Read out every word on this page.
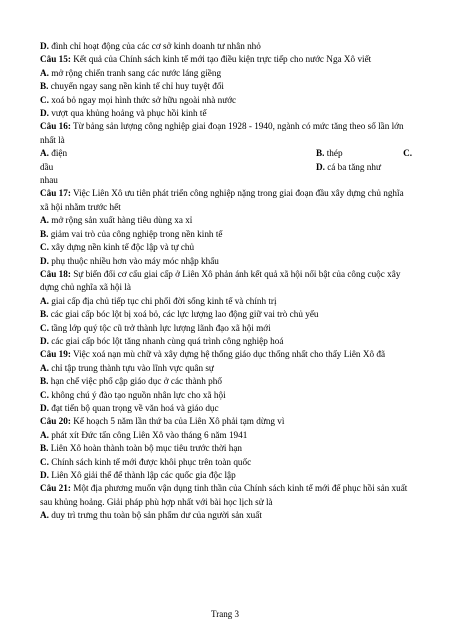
D. đình chỉ hoạt động của các cơ sở kinh doanh tư nhân nhỏ
Câu 15: Kết quả của Chính sách kinh tế mới tạo điều kiện trực tiếp cho nước Nga Xô viết
A. mở rộng chiến tranh sang các nước láng giềng
B. chuyển ngay sang nền kinh tế chỉ huy tuyệt đối
C. xoá bỏ ngay mọi hình thức sở hữu ngoài nhà nước
D. vượt qua khủng hoảng và phục hồi kinh tế
Câu 16: Từ bảng sản lượng công nghiệp giai đoạn 1928 - 1940, ngành có mức tăng theo số lần lớn nhất là
A. điện	B. thép	C.
dầu	D. cá ba tăng như
nhau
Câu 17: Việc Liên Xô ưu tiên phát triển công nghiệp nặng trong giai đoạn đầu xây dựng chủ nghĩa xã hội nhằm trước hết
A. mở rộng sản xuất hàng tiêu dùng xa xỉ
B. giảm vai trò của công nghiệp trong nền kinh tế
C. xây dựng nền kinh tế độc lập và tự chủ
D. phụ thuộc nhiều hơn vào máy móc nhập khẩu
Câu 18: Sự biến đổi cơ cấu giai cấp ở Liên Xô phản ánh kết quả xã hội nổi bật của công cuộc xây dựng chủ nghĩa xã hội là
A. giai cấp địa chủ tiếp tục chi phối đời sống kinh tế và chính trị
B. các giai cấp bóc lột bị xoá bỏ, các lực lượng lao động giữ vai trò chủ yếu
C. tầng lớp quý tộc cũ trở thành lực lượng lãnh đạo xã hội mới
D. các giai cấp bóc lột tăng nhanh cùng quá trình công nghiệp hoá
Câu 19: Việc xoá nạn mù chữ và xây dựng hệ thống giáo dục thống nhất cho thấy Liên Xô đã
A. chỉ tập trung thành tựu vào lĩnh vực quân sự
B. hạn chế việc phổ cập giáo dục ở các thành phố
C. không chú ý đào tạo nguồn nhân lực cho xã hội
D. đạt tiến bộ quan trọng về văn hoá và giáo dục
Câu 20: Kế hoạch 5 năm lần thứ ba của Liên Xô phải tạm dừng vì
A. phát xít Đức tấn công Liên Xô vào tháng 6 năm 1941
B. Liên Xô hoàn thành toàn bộ mục tiêu trước thời hạn
C. Chính sách kinh tế mới được khôi phục trên toàn quốc
D. Liên Xô giải thể để thành lập các quốc gia độc lập
Câu 21: Một địa phương muốn vận dụng tinh thần của Chính sách kinh tế mới để phục hồi sản xuất sau khủng hoảng. Giải pháp phù hợp nhất với bài học lịch sử là
A. duy trì trưng thu toàn bộ sản phẩm dư của người sản xuất
Trang 3
